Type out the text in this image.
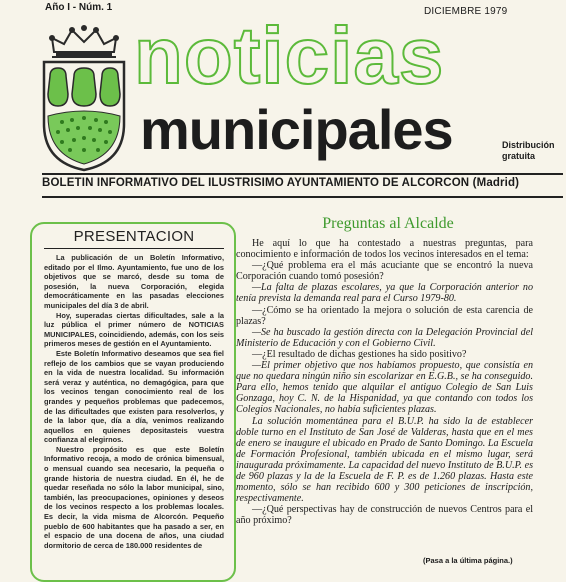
Año I - Núm. 1	DICIEMBRE 1979
noticias
municipales	Distribución gratuita
BOLETIN INFORMATIVO DEL ILUSTRISIMO AYUNTAMIENTO DE ALCORCON (Madrid)
PRESENTACION

La publicación de un Boletín Informativo, editado por el Ilmo. Ayuntamiento, fue uno de los objetivos que se marcó, desde su toma de posesión, la nueva Corporación, elegida democráticamente en las pasadas elecciones municipales del día 3 de abril.

Hoy, superadas ciertas dificultades, sale a la luz pública el primer número de NOTICIAS MUNICIPALES, coincidiendo, además, con los seis primeros meses de gestión en el Ayuntamiento.

Este Boletín Informativo deseamos que sea fiel reflejo de los cambios que se vayan produciendo en la vida de nuestra localidad. Su información será veraz y auténtica, no demagógica, para que los vecinos tengan conocimiento real de los grandes y pequeños problemas que padecemos, de las dificultades que existen para resolverlos, y de la labor que, día a día, venimos realizando aquellos en quienes depositasteis vuestra confianza al elegirnos.

Nuestro propósito es que este Boletín Informativo recoja, a modo de crónica bimensual, o mensual cuando sea necesario, la pequeña o grande historia de nuestra ciudad. En él, he de quedar reseñada no sólo la labor municipal, sino, también, las preocupaciones, opiniones y deseos de los vecinos respecto a los problemas locales. Es decir, la vida misma de Alcorcón. Pequeño pueblo de 600 habitantes que ha pasado a ser, en el espacio de una docena de años, una ciudad dormitorio de cerca de 180.000 residentes de

Preguntas al Alcalde

He aquí lo que ha contestado a nuestras preguntas, para conocimiento e información de todos los vecinos interesados en el tema:

—¿Qué problema era el más acuciante que se encontró la nueva Corporación cuando tomó posesión?

—La falta de plazas escolares, ya que la Corporación anterior no tenía prevista la demanda real para el Curso 1979-80.

—¿Cómo se ha orientado la mejora o solución de esta carencia de plazas?

—Se ha buscado la gestión directa con la Delegación Provincial del Ministerio de Educación y con el Gobierno Civil.

—¿El resultado de dichas gestiones ha sido positivo?

—El primer objetivo que nos habíamos propuesto, que consistía en que no quedara ningún niño sin escolarizar en E.G.B., se ha conseguido. Para ello, hemos tenido que alquilar el antiguo Colegio de San Luis Gonzaga, hoy C. N. de la Hispanidad, ya que contando con todos los Colegios Nacionales, no había suficientes plazas.

La solución momentánea para el B.U.P. ha sido la de establecer doble turno en el Instituto de San José de Valderas, hasta que en el mes de enero se inaugure el ubicado en Prado de Santo Domingo. La Escuela de Formación Profesional, también ubicada en el mismo lugar, será inaugurada próximamente. La capacidad del nuevo Instituto de B.U.P. es de 960 plazas y la de la Escuela de F. P. es de 1.260 plazas. Hasta este momento, sólo se han recibido 600 y 300 peticiones de inscripción, respectivamente.

—¿Qué perspectivas hay de construcción de nuevos Centros para el año próximo?

(Pasa a la última página.)
